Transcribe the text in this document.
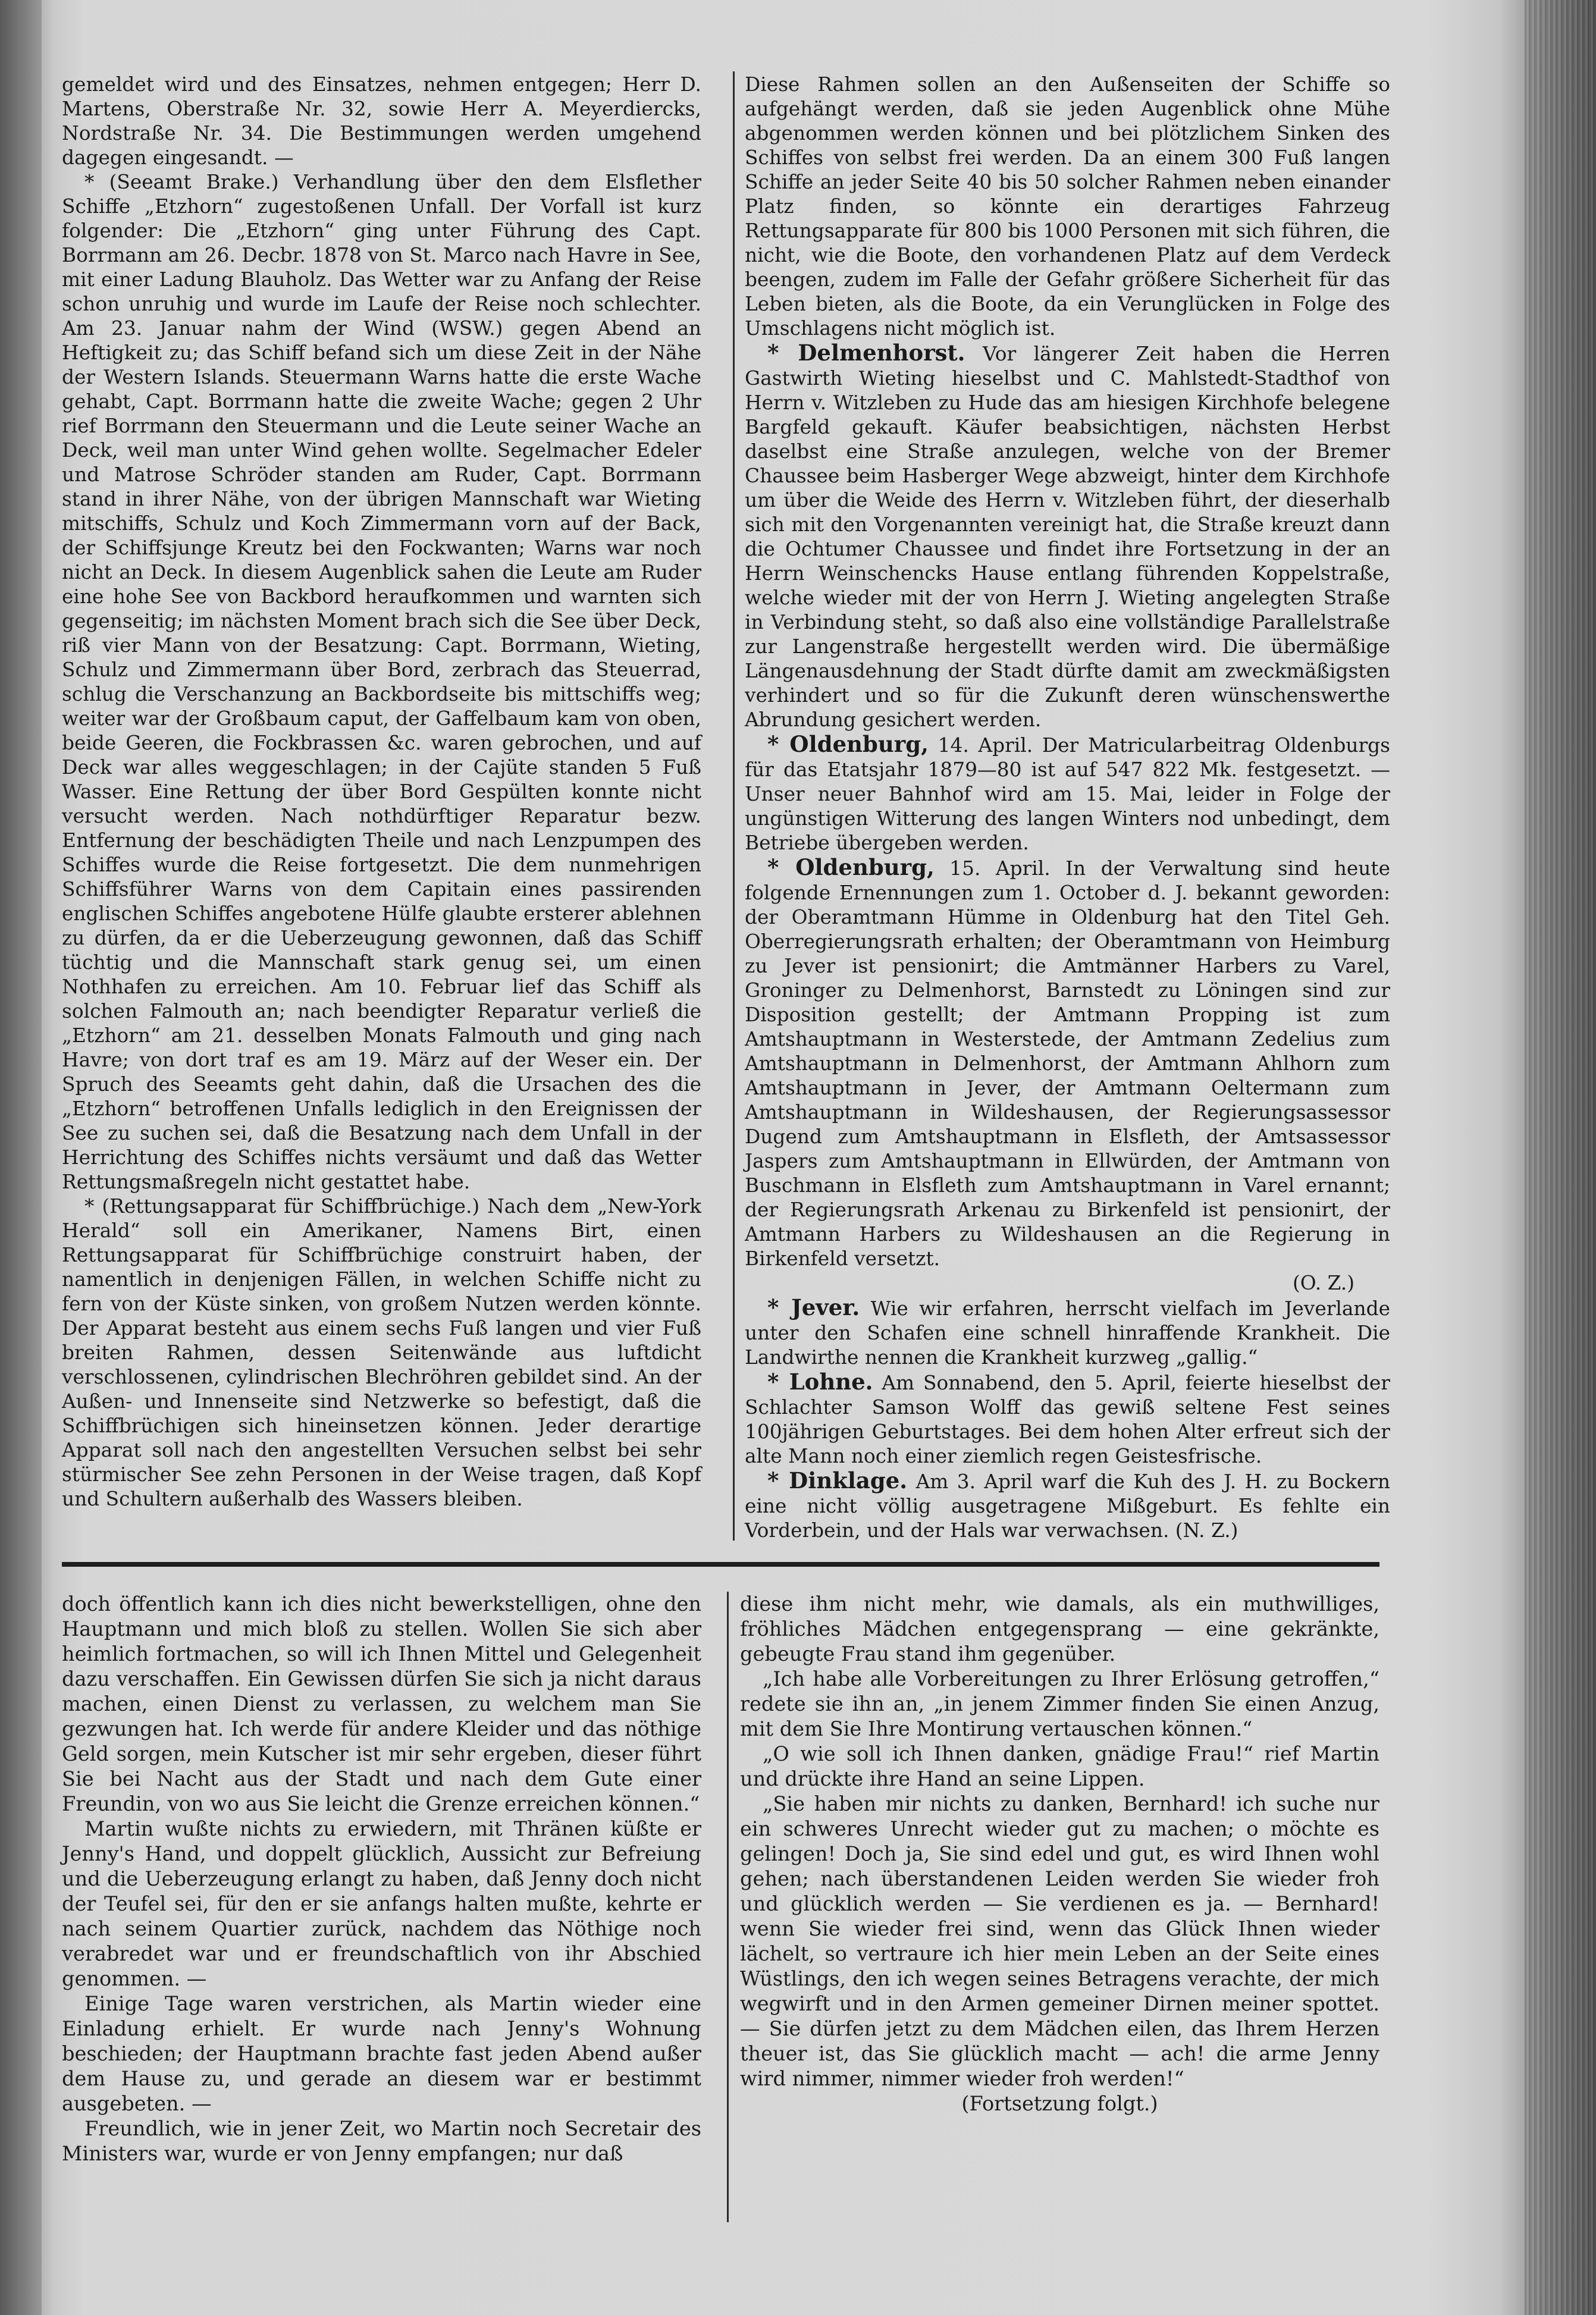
gemeldet wird und des Einsatzes, nehmen entgegen; Herr D. Martens, Oberstraße Nr. 32, sowie Herr A. Meyerdiercks, Nordstraße Nr. 34. Die Bestimmungen werden umgehend dagegen eingesandt. —

* (Seeamt Brake.) Verhandlung über den dem Elsflether Schiffe „Etzhorn“ zugestoßenen Unfall. Der Vorfall ist kurz folgender: Die „Etzhorn“ ging unter Führung des Capt. Borrmann am 26. Decbr. 1878 von St. Marco nach Havre in See, mit einer Ladung Blauholz. Das Wetter war zu Anfang der Reise schon unruhig und wurde im Laufe der Reise noch schlechter. Am 23. Januar nahm der Wind (WSW.) gegen Abend an Heftigkeit zu; das Schiff befand sich um diese Zeit in der Nähe der Western Islands. Steuermann Warns hatte die erste Wache gehabt, Capt. Borrmann hatte die zweite Wache; gegen 2 Uhr rief Borrmann den Steuermann und die Leute seiner Wache an Deck, weil man unter Wind gehen wollte. Segelmacher Edeler und Matrose Schröder standen am Ruder, Capt. Borrmann stand in ihrer Nähe, von der übrigen Mannschaft war Wieting mitschiffs, Schulz und Koch Zimmermann vorn auf der Back, der Schiffsjunge Kreutz bei den Fockwanten; Warns war noch nicht an Deck. In diesem Augenblick sahen die Leute am Ruder eine hohe See von Backbord heraufkommen und warnten sich gegenseitig; im nächsten Moment brach sich die See über Deck, riß vier Mann von der Besatzung: Capt. Borrmann, Wieting, Schulz und Zimmermann über Bord, zerbrach das Steuerrad, schlug die Verschanzung an Backbordseite bis mittschiffs weg; weiter war der Großbaum caput, der Gaffelbaum kam von oben, beide Geeren, die Fockbrassen &c. waren gebrochen, und auf Deck war alles weggeschlagen; in der Cajüte standen 5 Fuß Wasser. Eine Rettung der über Bord Gespülten konnte nicht versucht werden. Nach nothdürftiger Reparatur bezw. Entfernung der beschädigten Theile und nach Lenzpumpen des Schiffes wurde die Reise fortgesetzt. Die dem nunmehrigen Schiffsführer Warns von dem Capitain eines passirenden englischen Schiffes angebotene Hülfe glaubte ersterer ablehnen zu dürfen, da er die Ueberzeugung gewonnen, daß das Schiff tüchtig und die Mannschaft stark genug sei, um einen Nothhafen zu erreichen. Am 10. Februar lief das Schiff als solchen Falmouth an; nach beendigter Reparatur verließ die „Etzhorn“ am 21. desselben Monats Falmouth und ging nach Havre; von dort traf es am 19. März auf der Weser ein. Der Spruch des Seeamts geht dahin, daß die Ursachen des die „Etzhorn“ betroffenen Unfalls lediglich in den Ereignissen der See zu suchen sei, daß die Besatzung nach dem Unfall in der Herrichtung des Schiffes nichts versäumt und daß das Wetter Rettungsmaßregeln nicht gestattet habe.

* (Rettungsapparat für Schiffbrüchige.) Nach dem „New-York Herald“ soll ein Amerikaner, Namens Birt, einen Rettungsapparat für Schiffbrüchige construirt haben, der namentlich in denjenigen Fällen, in welchen Schiffe nicht zu fern von der Küste sinken, von großem Nutzen werden könnte. Der Apparat besteht aus einem sechs Fuß langen und vier Fuß breiten Rahmen, dessen Seitenwände aus luftdicht verschlossenen, cylindrischen Blechröhren gebildet sind. An der Außen- und Innenseite sind Netzwerke so befestigt, daß die Schiffbrüchigen sich hineinsetzen können. Jeder derartige Apparat soll nach den angestellten Versuchen selbst bei sehr stürmischer See zehn Personen in der Weise tragen, daß Kopf und Schultern außerhalb des Wassers bleiben.

Diese Rahmen sollen an den Außenseiten der Schiffe so aufgehängt werden, daß sie jeden Augenblick ohne Mühe abgenommen werden können und bei plötzlichem Sinken des Schiffes von selbst frei werden. Da an einem 300 Fuß langen Schiffe an jeder Seite 40 bis 50 solcher Rahmen neben einander Platz finden, so könnte ein derartiges Fahrzeug Rettungsapparate für 800 bis 1000 Personen mit sich führen, die nicht, wie die Boote, den vorhandenen Platz auf dem Verdeck beengen, zudem im Falle der Gefahr größere Sicherheit für das Leben bieten, als die Boote, da ein Verunglücken in Folge des Umschlagens nicht möglich ist.

* Delmenhorst. Vor längerer Zeit haben die Herren Gastwirth Wieting hieselbst und C. Mahlstedt-Stadthof von Herrn v. Witzleben zu Hude das am hiesigen Kirchhofe belegene Bargfeld gekauft. Käufer beabsichtigen, nächsten Herbst daselbst eine Straße anzulegen, welche von der Bremer Chaussee beim Hasberger Wege abzweigt, hinter dem Kirchhofe um über die Weide des Herrn v. Witzleben führt, der dieserhalb sich mit den Vorgenannten vereinigt hat, die Straße kreuzt dann die Ochtumer Chaussee und findet ihre Fortsetzung in der an Herrn Weinschencks Hause entlang führenden Koppelstraße, welche wieder mit der von Herrn J. Wieting angelegten Straße in Verbindung steht, so daß also eine vollständige Parallelstraße zur Langenstraße hergestellt werden wird. Die übermäßige Längenausdehnung der Stadt dürfte damit am zweckmäßigsten verhindert und so für die Zukunft deren wünschenswerthe Abrundung gesichert werden.

* Oldenburg, 14. April. Der Matricularbeitrag Oldenburgs für das Etatsjahr 1879—80 ist auf 547 822 Mk. festgesetzt. — Unser neuer Bahnhof wird am 15. Mai, leider in Folge der ungünstigen Witterung des langen Winters nod unbedingt, dem Betriebe übergeben werden.

* Oldenburg, 15. April. In der Verwaltung sind heute folgende Ernennungen zum 1. October d. J. bekannt geworden: der Oberamtmann Hümme in Oldenburg hat den Titel Geh. Oberregierungsrath erhalten; der Oberamtmann von Heimburg zu Jever ist pensionirt; die Amtmänner Harbers zu Varel, Groninger zu Delmenhorst, Barnstedt zu Löningen sind zur Disposition gestellt; der Amtmann Propping ist zum Amtshauptmann in Westerstede, der Amtmann Zedelius zum Amtshauptmann in Delmenhorst, der Amtmann Ahlhorn zum Amtshauptmann in Jever, der Amtmann Oeltermann zum Amtshauptmann in Wildeshausen, der Regierungsassessor Dugend zum Amtshauptmann in Elsfleth, der Amtsassessor Jaspers zum Amtshauptmann in Ellwürden, der Amtmann von Buschmann in Elsfleth zum Amtshauptmann in Varel ernannt; der Regierungsrath Arkenau zu Birkenfeld ist pensionirt, der Amtmann Harbers zu Wildeshausen an die Regierung in Birkenfeld versetzt.

(O. Z.)

* Jever. Wie wir erfahren, herrscht vielfach im Jeverlande unter den Schafen eine schnell hinraffende Krankheit. Die Landwirthe nennen die Krankheit kurzweg „gallig.“

* Lohne. Am Sonnabend, den 5. April, feierte hieselbst der Schlachter Samson Wolff das gewiß seltene Fest seines 100jährigen Geburtstages. Bei dem hohen Alter erfreut sich der alte Mann noch einer ziemlich regen Geistesfrische.

* Dinklage. Am 3. April warf die Kuh des J. H. zu Bockern eine nicht völlig ausgetragene Mißgeburt. Es fehlte ein Vorderbein, und der Hals war verwachsen. (N. Z.)

doch öffentlich kann ich dies nicht bewerkstelligen, ohne den Hauptmann und mich bloß zu stellen. Wollen Sie sich aber heimlich fortmachen, so will ich Ihnen Mittel und Gelegenheit dazu verschaffen. Ein Gewissen dürfen Sie sich ja nicht daraus machen, einen Dienst zu verlassen, zu welchem man Sie gezwungen hat. Ich werde für andere Kleider und das nöthige Geld sorgen, mein Kutscher ist mir sehr ergeben, dieser führt Sie bei Nacht aus der Stadt und nach dem Gute einer Freundin, von wo aus Sie leicht die Grenze erreichen können.“

Martin wußte nichts zu erwiedern, mit Thränen küßte er Jenny's Hand, und doppelt glücklich, Aussicht zur Befreiung und die Ueberzeugung erlangt zu haben, daß Jenny doch nicht der Teufel sei, für den er sie anfangs halten mußte, kehrte er nach seinem Quartier zurück, nachdem das Nöthige noch verabredet war und er freundschaftlich von ihr Abschied genommen. —

Einige Tage waren verstrichen, als Martin wieder eine Einladung erhielt. Er wurde nach Jenny's Wohnung beschieden; der Hauptmann brachte fast jeden Abend außer dem Hause zu, und gerade an diesem war er bestimmt ausgebeten. —

Freundlich, wie in jener Zeit, wo Martin noch Secretair des Ministers war, wurde er von Jenny empfangen; nur daß

diese ihm nicht mehr, wie damals, als ein muthwilliges, fröhliches Mädchen entgegensprang — eine gekränkte, gebeugte Frau stand ihm gegenüber.

„Ich habe alle Vorbereitungen zu Ihrer Erlösung getroffen,“ redete sie ihn an, „in jenem Zimmer finden Sie einen Anzug, mit dem Sie Ihre Montirung vertauschen können.“

„O wie soll ich Ihnen danken, gnädige Frau!“ rief Martin und drückte ihre Hand an seine Lippen.

„Sie haben mir nichts zu danken, Bernhard! ich suche nur ein schweres Unrecht wieder gut zu machen; o möchte es gelingen! Doch ja, Sie sind edel und gut, es wird Ihnen wohl gehen; nach überstandenen Leiden werden Sie wieder froh und glücklich werden — Sie verdienen es ja. — Bernhard! wenn Sie wieder frei sind, wenn das Glück Ihnen wieder lächelt, so vertraure ich hier mein Leben an der Seite eines Wüstlings, den ich wegen seines Betragens verachte, der mich wegwirft und in den Armen gemeiner Dirnen meiner spottet. — Sie dürfen jetzt zu dem Mädchen eilen, das Ihrem Herzen theuer ist, das Sie glücklich macht — ach! die arme Jenny wird nimmer, nimmer wieder froh werden!“

(Fortsetzung folgt.)
